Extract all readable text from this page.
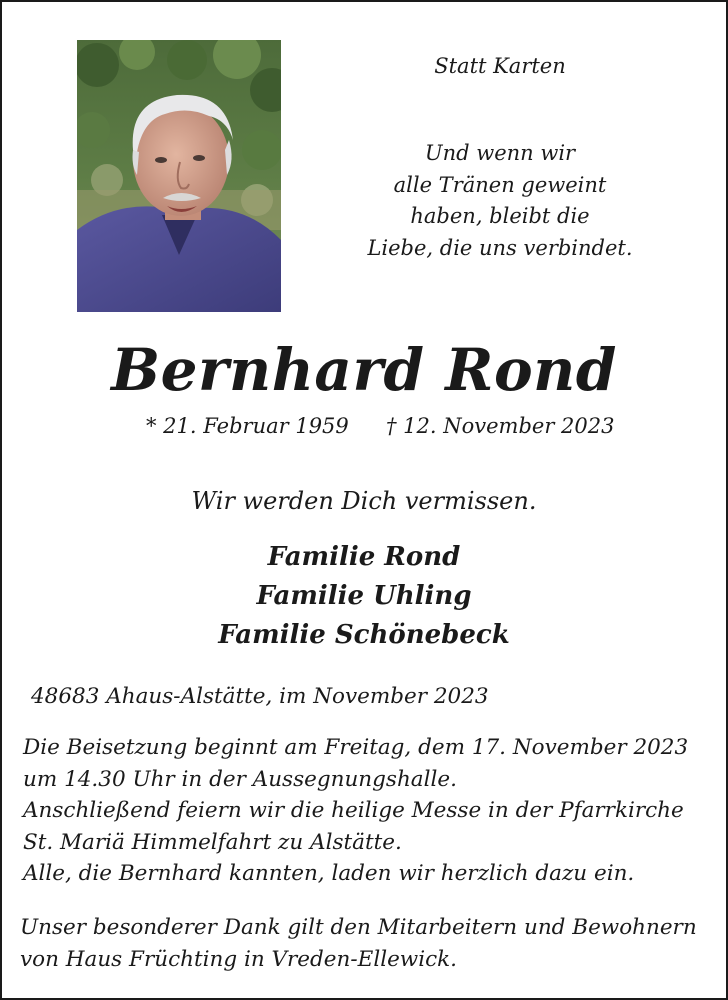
Statt Karten
Und wenn wir
alle Tränen geweint
haben, bleibt die
Liebe, die uns verbindet.
Bernhard Rond
* 21. Februar 1959 † 12. November 2023
Wir werden Dich vermissen.
Familie Rond
Familie Uhling
Familie Schönebeck
48683 Ahaus-Alstätte, im November 2023
Die Beisetzung beginnt am Freitag, dem 17. November 2023
um 14.30 Uhr in der Aussegnungshalle.
Anschließend feiern wir die heilige Messe in der Pfarrkirche
St. Mariä Himmelfahrt zu Alstätte.
Alle, die Bernhard kannten, laden wir herzlich dazu ein.
Unser besonderer Dank gilt den Mitarbeitern und Bewohnern
von Haus Früchting in Vreden-Ellewick.
